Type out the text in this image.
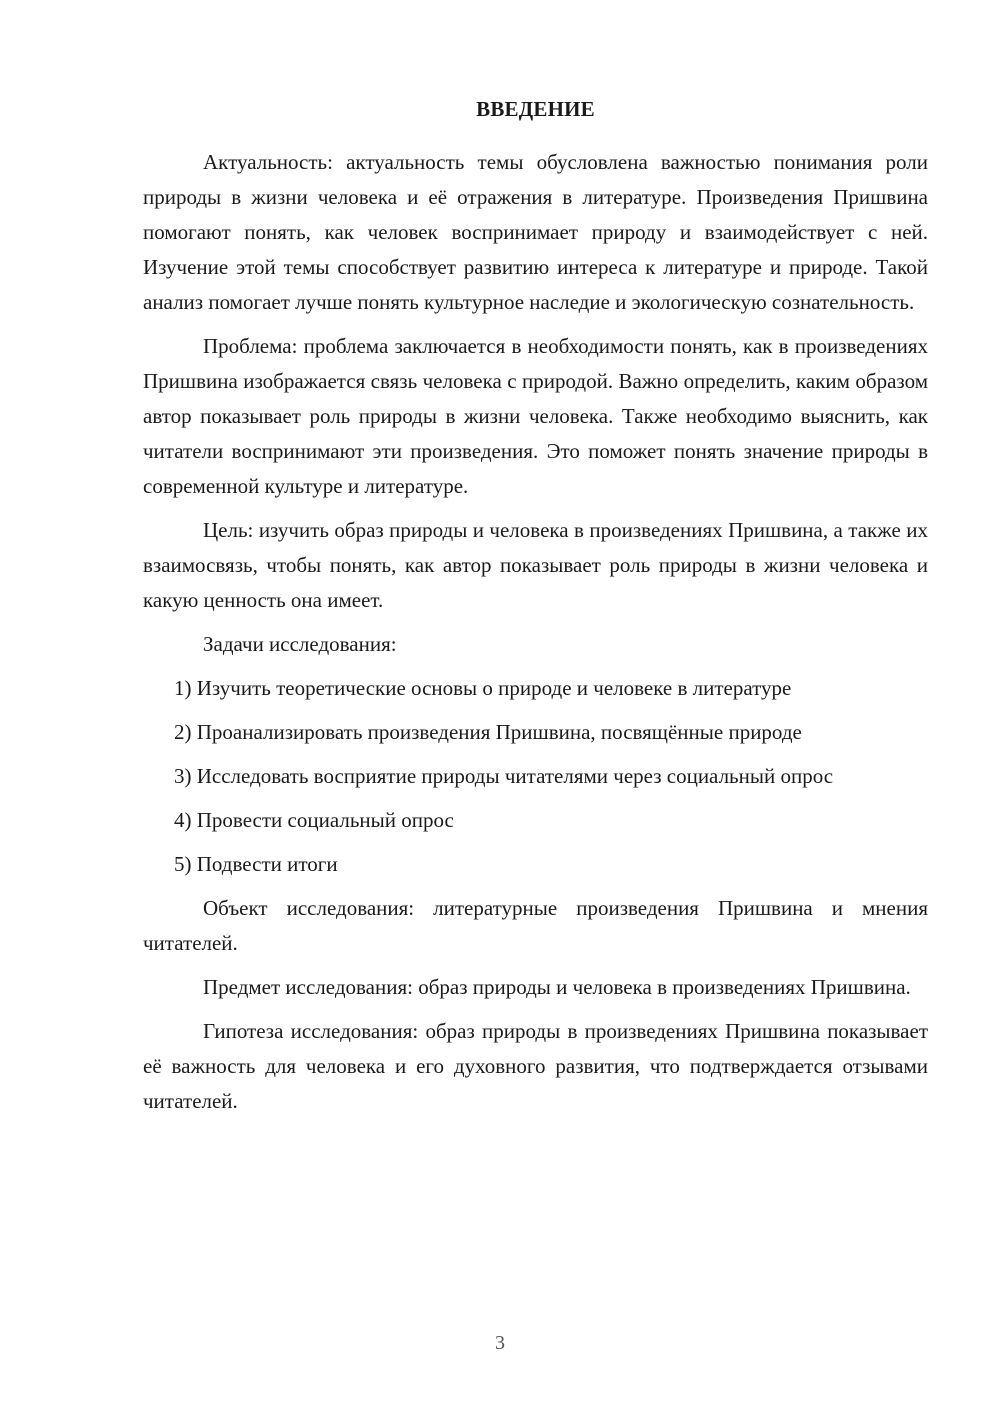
ВВЕДЕНИЕ

Актуальность: актуальность темы обусловлена важностью понимания роли природы в жизни человека и её отражения в литературе. Произведения Пришвина помогают понять, как человек воспринимает природу и взаимодействует с ней. Изучение этой темы способствует развитию интереса к литературе и природе. Такой анализ помогает лучше понять культурное наследие и экологическую сознательность.

Проблема: проблема заключается в необходимости понять, как в произведениях Пришвина изображается связь человека с природой. Важно определить, каким образом автор показывает роль природы в жизни человека. Также необходимо выяснить, как читатели воспринимают эти произведения. Это поможет понять значение природы в современной культуре и литературе.

Цель: изучить образ природы и человека в произведениях Пришвина, а также их взаимосвязь, чтобы понять, как автор показывает роль природы в жизни человека и какую ценность она имеет.

Задачи исследования:

1) Изучить теоретические основы о природе и человеке в литературе

2) Проанализировать произведения Пришвина, посвящённые природе

3) Исследовать восприятие природы читателями через социальный опрос

4) Провести социальный опрос

5) Подвести итоги

Объект исследования: литературные произведения Пришвина и мнения читателей.

Предмет исследования: образ природы и человека в произведениях Пришвина.

Гипотеза исследования: образ природы в произведениях Пришвина показывает её важность для человека и его духовного развития, что подтверждается отзывами читателей.

3
